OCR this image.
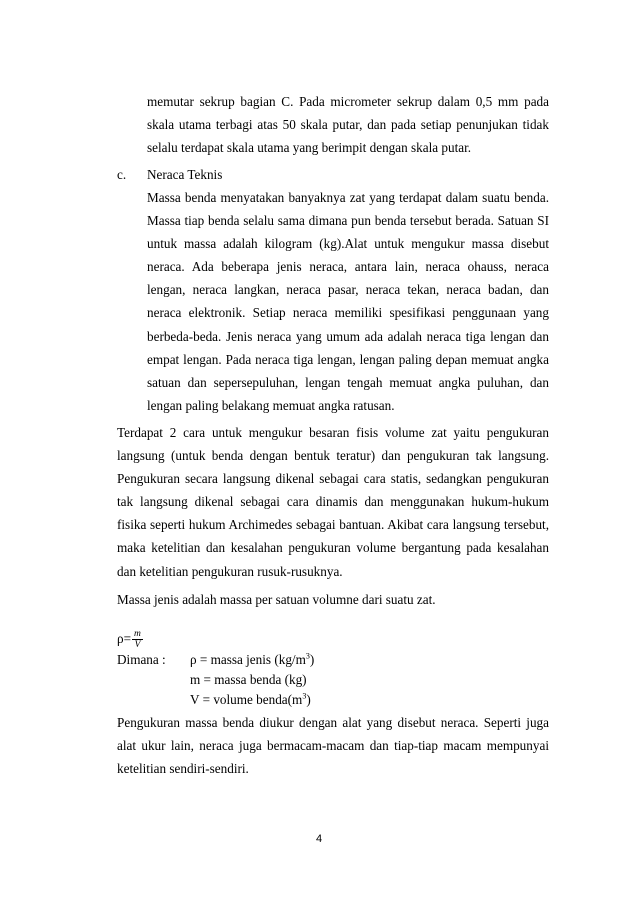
memutar sekrup bagian C. Pada micrometer sekrup dalam 0,5 mm pada skala utama terbagi atas 50 skala putar, dan pada setiap penunjukan tidak selalu terdapat skala utama yang berimpit dengan skala putar.

c. Neraca Teknis

Massa benda menyatakan banyaknya zat yang terdapat dalam suatu benda. Massa tiap benda selalu sama dimana pun benda tersebut berada. Satuan SI untuk massa adalah kilogram (kg).Alat untuk mengukur massa disebut neraca. Ada beberapa jenis neraca, antara lain, neraca ohauss, neraca lengan, neraca langkan, neraca pasar, neraca tekan, neraca badan, dan neraca elektronik. Setiap neraca memiliki spesifikasi penggunaan yang berbeda-beda. Jenis neraca yang umum ada adalah neraca tiga lengan dan empat lengan. Pada neraca tiga lengan, lengan paling depan memuat angka satuan dan sepersepuluhan, lengan tengah memuat angka puluhan, dan lengan paling belakang memuat angka ratusan.

Terdapat 2 cara untuk mengukur besaran fisis volume zat yaitu pengukuran langsung (untuk benda dengan bentuk teratur) dan pengukuran tak langsung. Pengukuran secara langsung dikenal sebagai cara statis, sedangkan pengukuran tak langsung dikenal sebagai cara dinamis dan menggunakan hukum-hukum fisika seperti hukum Archimedes sebagai bantuan. Akibat cara langsung tersebut, maka ketelitian dan kesalahan pengukuran volume bergantung pada kesalahan dan ketelitian pengukuran rusuk-rusuknya.

Massa jenis adalah massa per satuan volumne dari suatu zat.

$\rho= \frac{m}{V}$
Dimana : ρ = massa jenis $(kg/m^3)$
m = massa benda (kg)
V = volume $benda(m^3)$

Pengukuran massa benda diukur dengan alat yang disebut neraca. Seperti juga alat ukur lain, neraca juga bermacam-macam dan tiap-tiap macam mempunyai ketelitian sendiri-sendiri.

4
